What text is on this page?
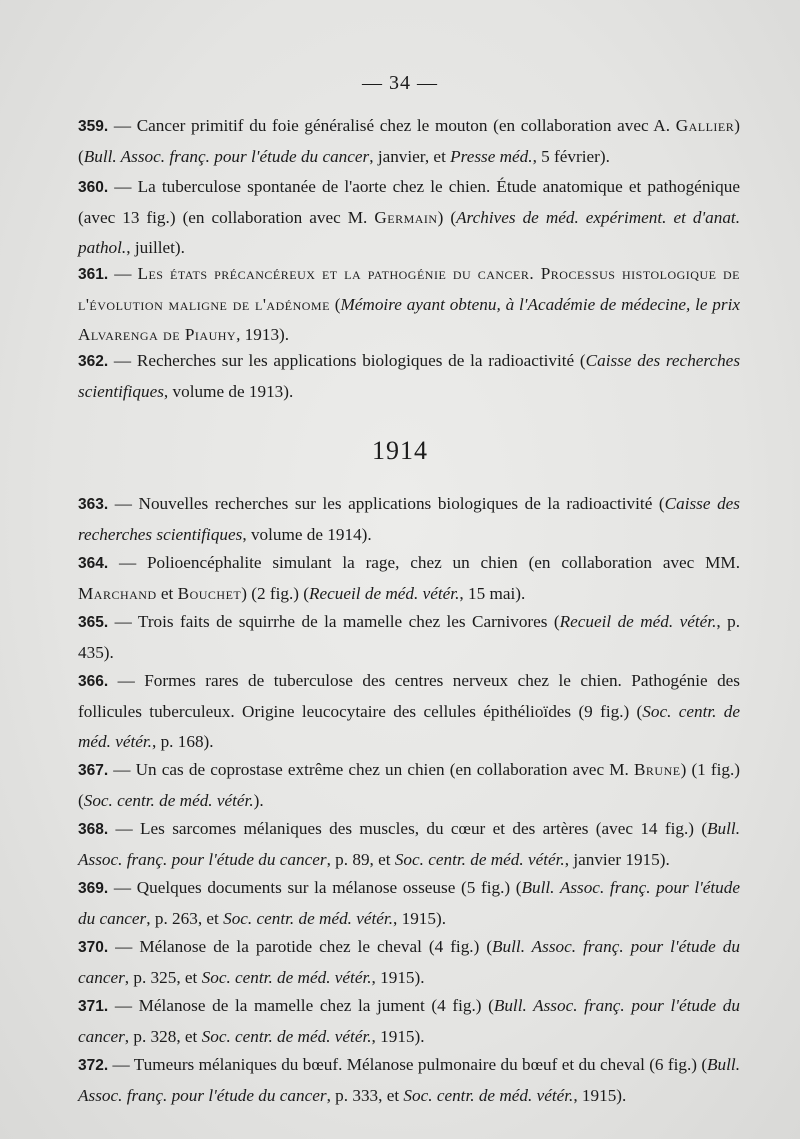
— 34 —
1914
359. — Cancer primitif du foie généralisé chez le mouton (en collaboration avec A. Gallier) (Bull. Assoc. franç. pour l'étude du cancer, janvier, et Presse méd., 5 février).
360. — La tuberculose spontanée de l'aorte chez le chien. Étude anatomique et pathogénique (avec 13 fig.) (en collaboration avec M. Germain) (Archives de méd. expériment. et d'anat. pathol., juillet).
361. — Les états précancéreux et la pathogénie du cancer. Processus histologique de l'évolution maligne de l'adénome (Mémoire ayant obtenu, à l'Académie de médecine, le prix Alvarenga de Piauhy, 1913).
362. — Recherches sur les applications biologiques de la radioactivité (Caisse des recherches scientifiques, volume de 1913).
363. — Nouvelles recherches sur les applications biologiques de la radioactivité (Caisse des recherches scientifiques, volume de 1914).
364. — Polioencéphalite simulant la rage, chez un chien (en collaboration avec MM. Marchand et Bouchet) (2 fig.) (Recueil de méd. vétér., 15 mai).
365. — Trois faits de squirrhe de la mamelle chez les Carnivores (Recueil de méd. vétér., p. 435).
366. — Formes rares de tuberculose des centres nerveux chez le chien. Pathogénie des follicules tuberculeux. Origine leucocytaire des cellules épithélioïdes (9 fig.) (Soc. centr. de méd. vétér., p. 168).
367. — Un cas de coprostase extrême chez un chien (en collaboration avec M. Brune) (1 fig.) (Soc. centr. de méd. vétér.).
368. — Les sarcomes mélaniques des muscles, du cœur et des artères (avec 14 fig.) (Bull. Assoc. franç. pour l'étude du cancer, p. 89, et Soc. centr. de méd. vétér., janvier 1915).
369. — Quelques documents sur la mélanose osseuse (5 fig.) (Bull. Assoc. franç. pour l'étude du cancer, p. 263, et Soc. centr. de méd. vétér., 1915).
370. — Mélanose de la parotide chez le cheval (4 fig.) (Bull. Assoc. franç. pour l'étude du cancer, p. 325, et Soc. centr. de méd. vétér., 1915).
371. — Mélanose de la mamelle chez la jument (4 fig.) (Bull. Assoc. franç. pour l'étude du cancer, p. 328, et Soc. centr. de méd. vétér., 1915).
372. — Tumeurs mélaniques du bœuf. Mélanose pulmonaire du bœuf et du cheval (6 fig.) (Bull. Assoc. franç. pour l'étude du cancer, p. 333, et Soc. centr. de méd. vétér., 1915).
